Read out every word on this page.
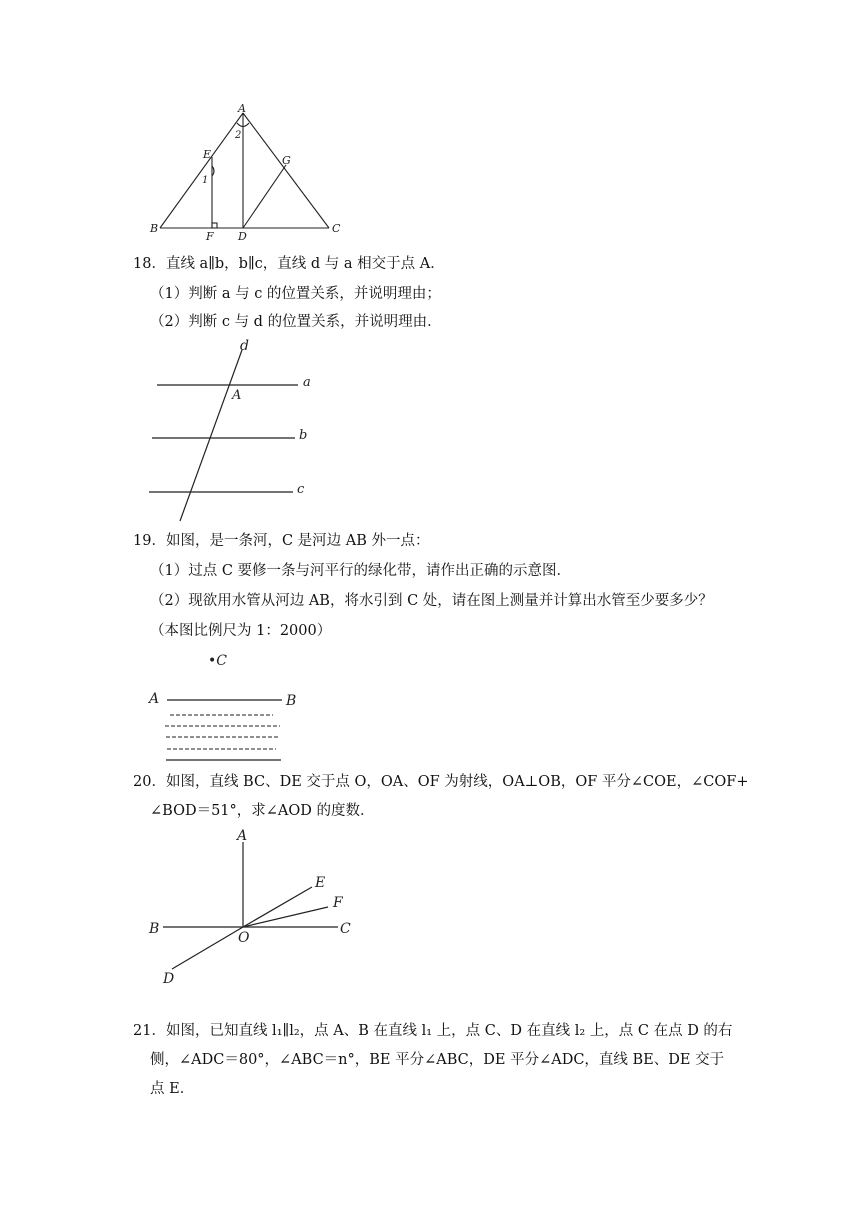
A
2
E
1
G
B
F D
C
18．直线 a∥b，b∥c，直线 d 与 a 相交于点 A．
（1）判断 a 与 c 的位置关系，并说明理由；
（2）判断 c 与 d 的位置关系，并说明理由．
d
a
A
b
c
19．如图，是一条河，C 是河边 AB 外一点：
（1）过点 C 要修一条与河平行的绿化带，请作出正确的示意图．
（2）现欲用水管从河边 AB，将水引到 C 处，请在图上测量并计算出水管至少要多少？
（本图比例尺为 1：2000）
•C
A	B
20．如图，直线 BC、DE 交于点 O，OA、OF 为射线，OA⊥OB，OF 平分∠COE，∠COF+
∠BOD＝51°，求∠AOD 的度数．
A
E
F
B
O
C
D
21．如图，已知直线 l₁∥l₂，点 A、B 在直线 l₁ 上，点 C、D 在直线 l₂ 上，点 C 在点 D 的右
侧，∠ADC＝80°，∠ABC＝n°，BE 平分∠ABC，DE 平分∠ADC，直线 BE、DE 交于
点 E．
